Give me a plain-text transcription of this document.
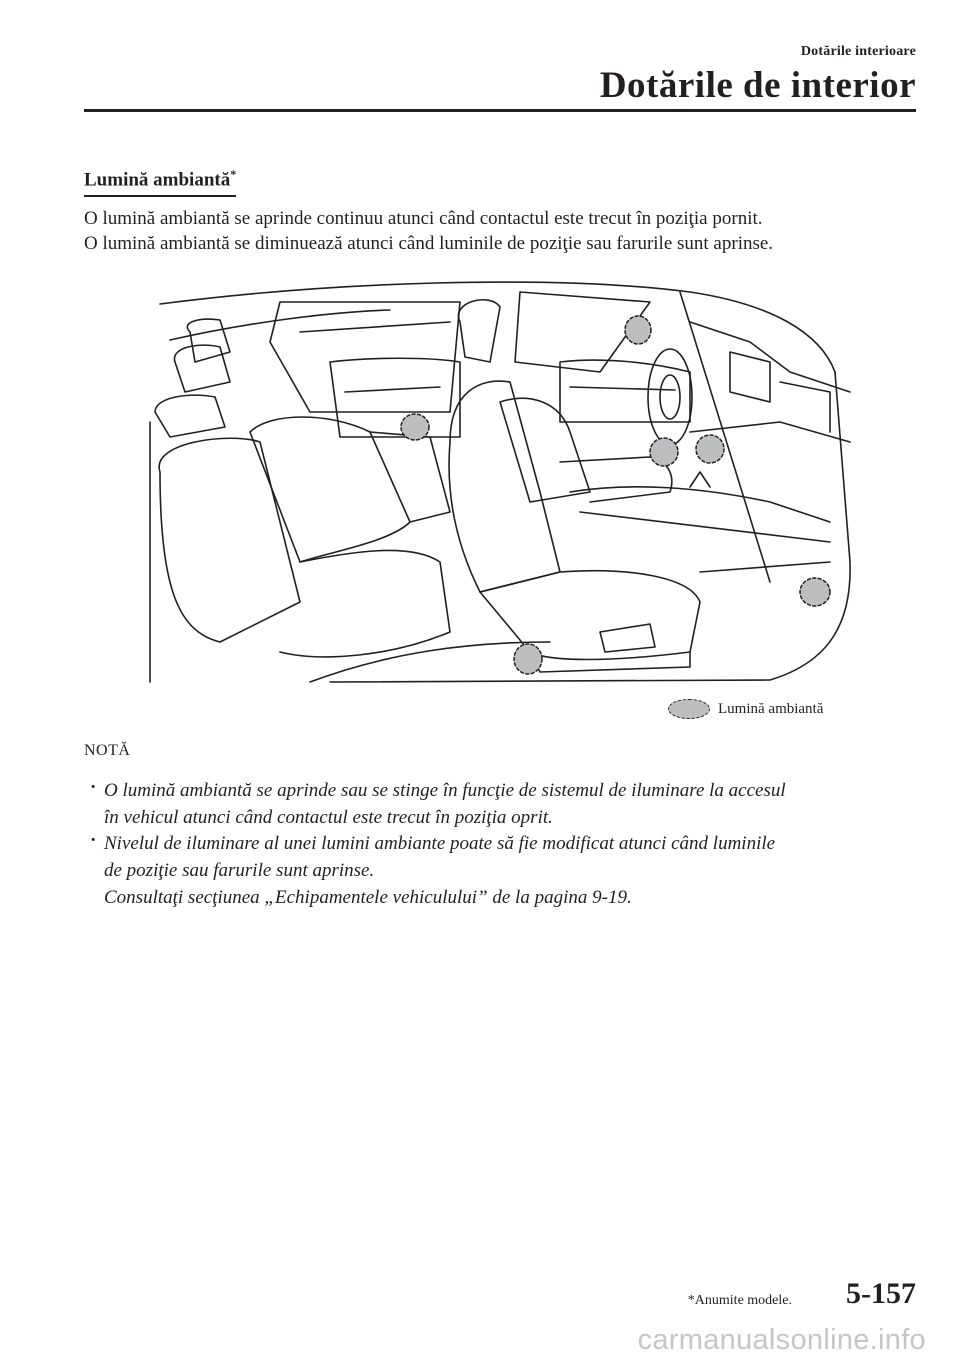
Dotările interioare
Dotările de interior
Lumină ambiantă*
O lumină ambiantă se aprinde continuu atunci când contactul este trecut în poziţia pornit.
O lumină ambiantă se diminuează atunci când luminile de poziţie sau farurile sunt aprinse.
Lumină ambiantă
NOTĂ
· O lumină ambiantă se aprinde sau se stinge în funcţie de sistemul de iluminare la accesul
în vehicul atunci când contactul este trecut în poziţia oprit.
· Nivelul de iluminare al unei lumini ambiante poate să fie modificat atunci când luminile
de poziţie sau farurile sunt aprinse.
Consultaţi secţiunea „Echipamentele vehiculului” de la pagina 9-19.
*Anumite modele. 5-157
carmanualsonline.info
